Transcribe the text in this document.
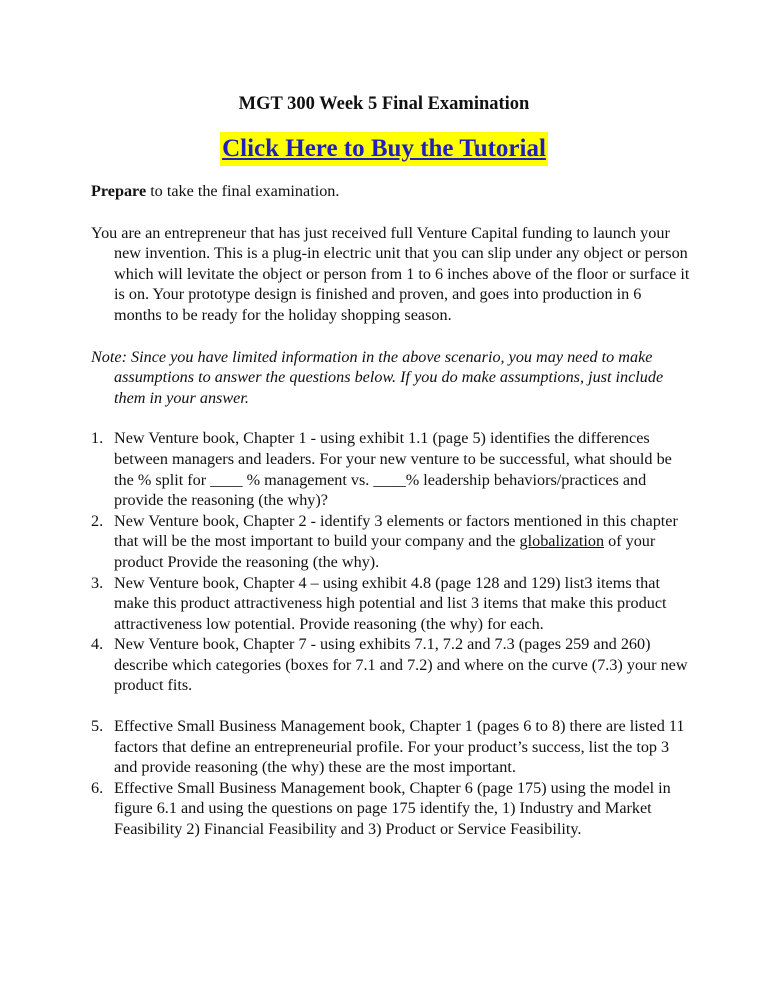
MGT 300 Week 5 Final Examination
Click Here to Buy the Tutorial

Prepare to take the final examination.

You are an entrepreneur that has just received full Venture Capital funding to launch your new invention. This is a plug-in electric unit that you can slip under any object or person which will levitate the object or person from 1 to 6 inches above of the floor or surface it is on. Your prototype design is finished and proven, and goes into production in 6 months to be ready for the holiday shopping season.

Note: Since you have limited information in the above scenario, you may need to make assumptions to answer the questions below. If you do make assumptions, just include them in your answer.

1. New Venture book, Chapter 1 - using exhibit 1.1 (page 5) identifies the differences between managers and leaders. For your new venture to be successful, what should be the % split for ____ % management vs. ____% leadership behaviors/practices and provide the reasoning (the why)?
2. New Venture book, Chapter 2 - identify 3 elements or factors mentioned in this chapter that will be the most important to build your company and the globalization of your product Provide the reasoning (the why).
3. New Venture book, Chapter 4 – using exhibit 4.8 (page 128 and 129) list3 items that make this product attractiveness high potential and list 3 items that make this product attractiveness low potential. Provide reasoning (the why) for each.
4. New Venture book, Chapter 7 - using exhibits 7.1, 7.2 and 7.3 (pages 259 and 260) describe which categories (boxes for 7.1 and 7.2) and where on the curve (7.3) your new product fits.
5. Effective Small Business Management book, Chapter 1 (pages 6 to 8) there are listed 11 factors that define an entrepreneurial profile. For your product’s success, list the top 3 and provide reasoning (the why) these are the most important.
6. Effective Small Business Management book, Chapter 6 (page 175) using the model in figure 6.1 and using the questions on page 175 identify the, 1) Industry and Market Feasibility 2) Financial Feasibility and 3) Product or Service Feasibility.
